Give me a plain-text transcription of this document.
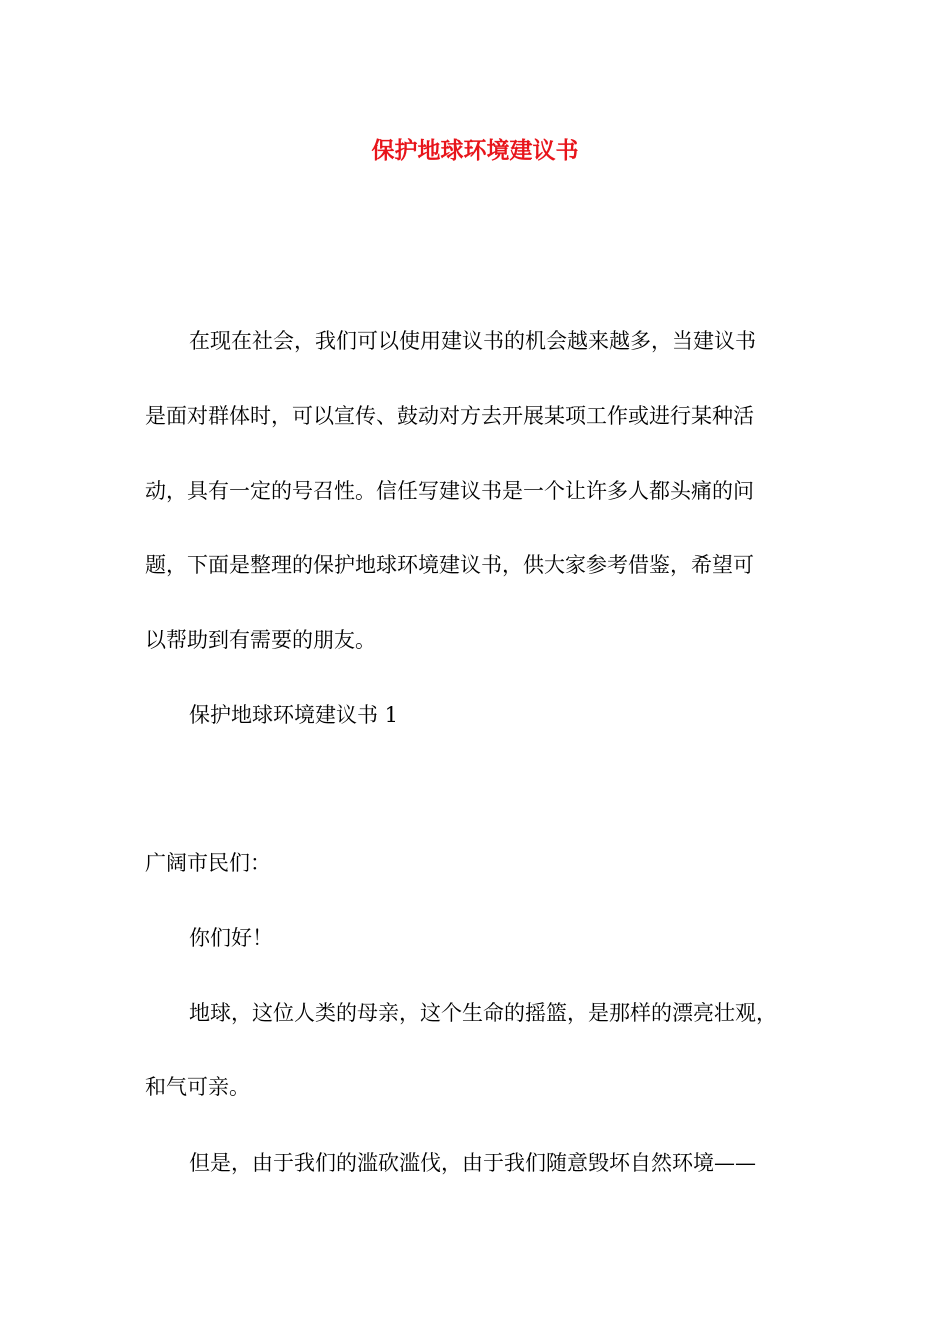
保护地球环境建议书

在现在社会，我们可以使用建议书的机会越来越多，当建议书

是面对群体时，可以宣传、鼓动对方去开展某项工作或进行某种活

动，具有一定的号召性。信任写建议书是一个让许多人都头痛的问

题，下面是整理的保护地球环境建议书，供大家参考借鉴，希望可

以帮助到有需要的朋友。

保护地球环境建议书 1

广阔市民们：

你们好！

地球，这位人类的母亲，这个生命的摇篮，是那样的漂亮壮观，

和气可亲。

但是，由于我们的滥砍滥伐，由于我们随意毁坏自然环境——
